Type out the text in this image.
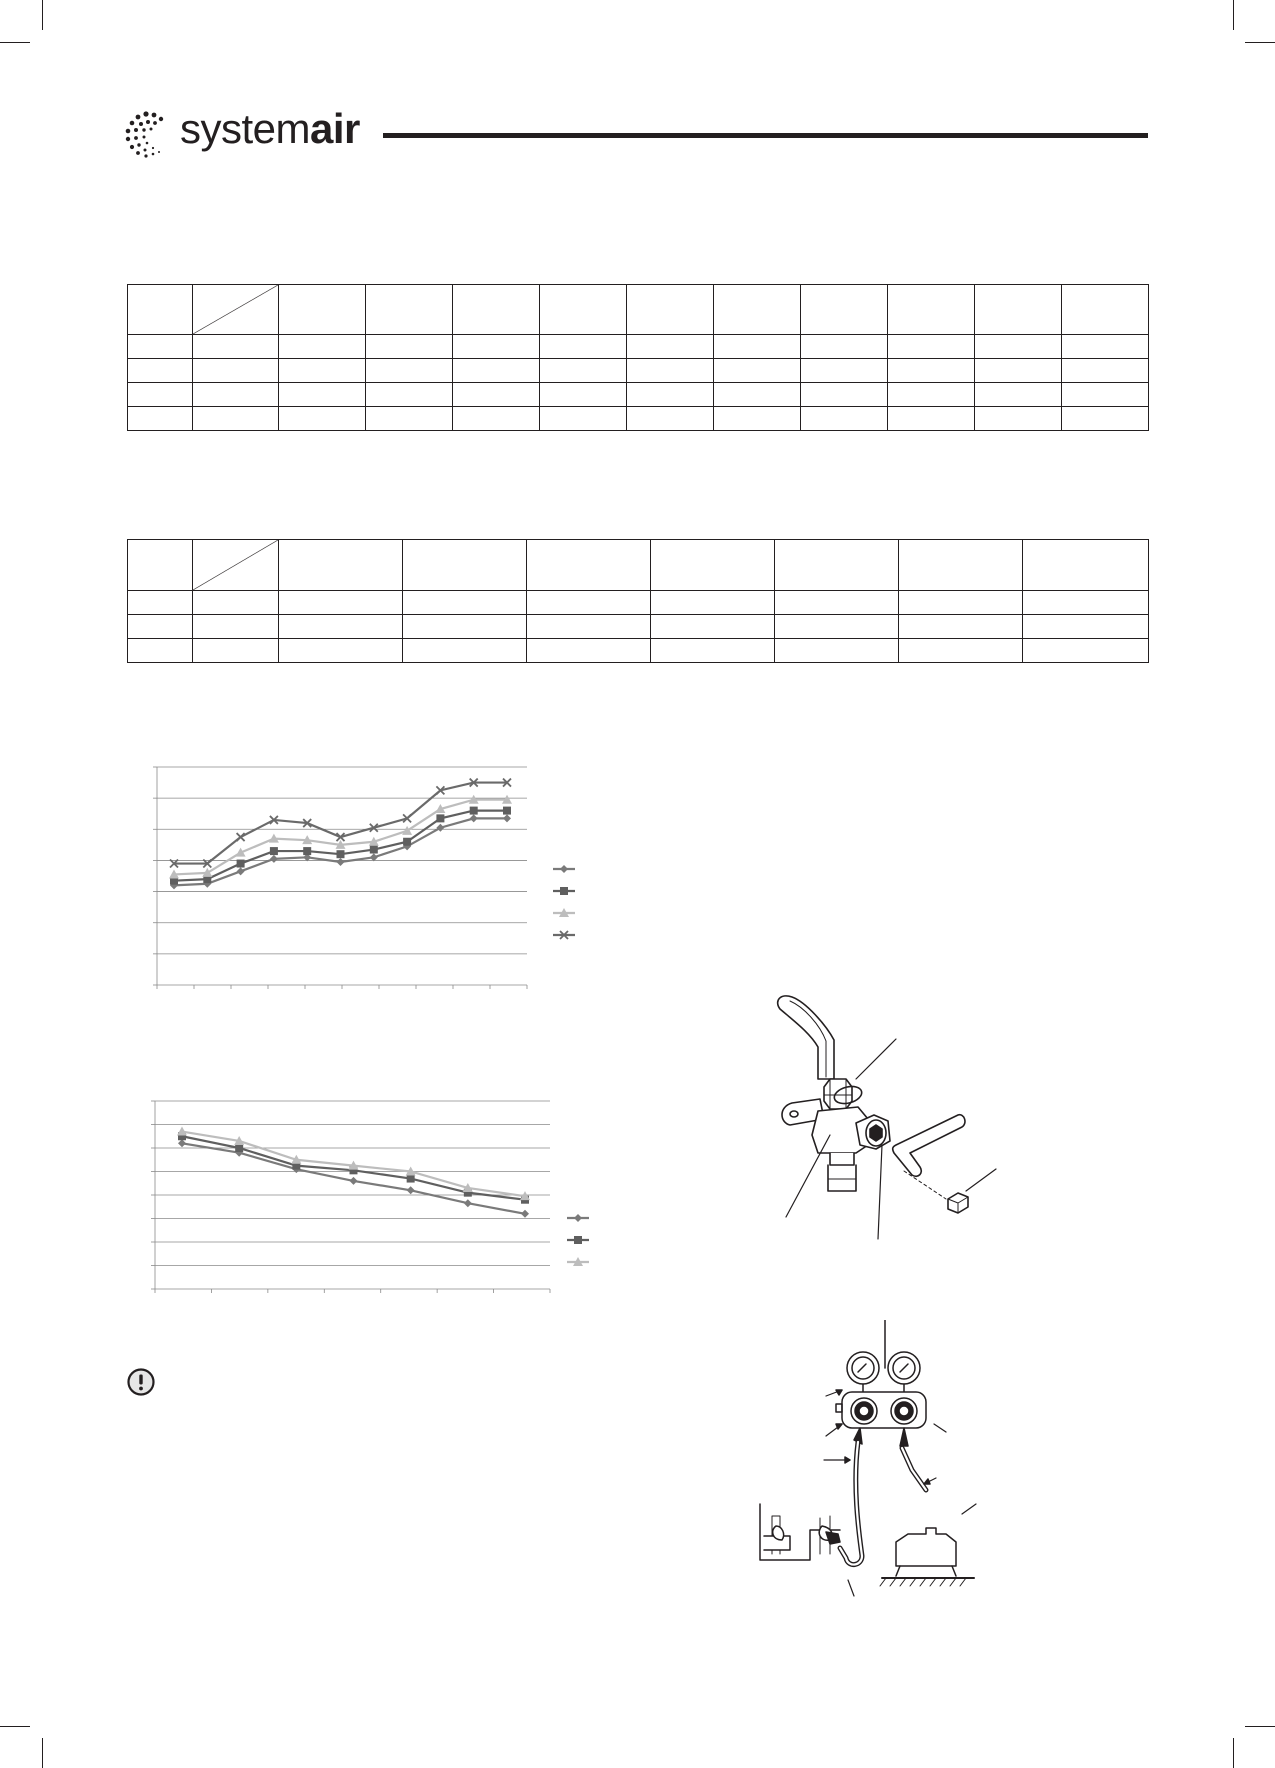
systemair
